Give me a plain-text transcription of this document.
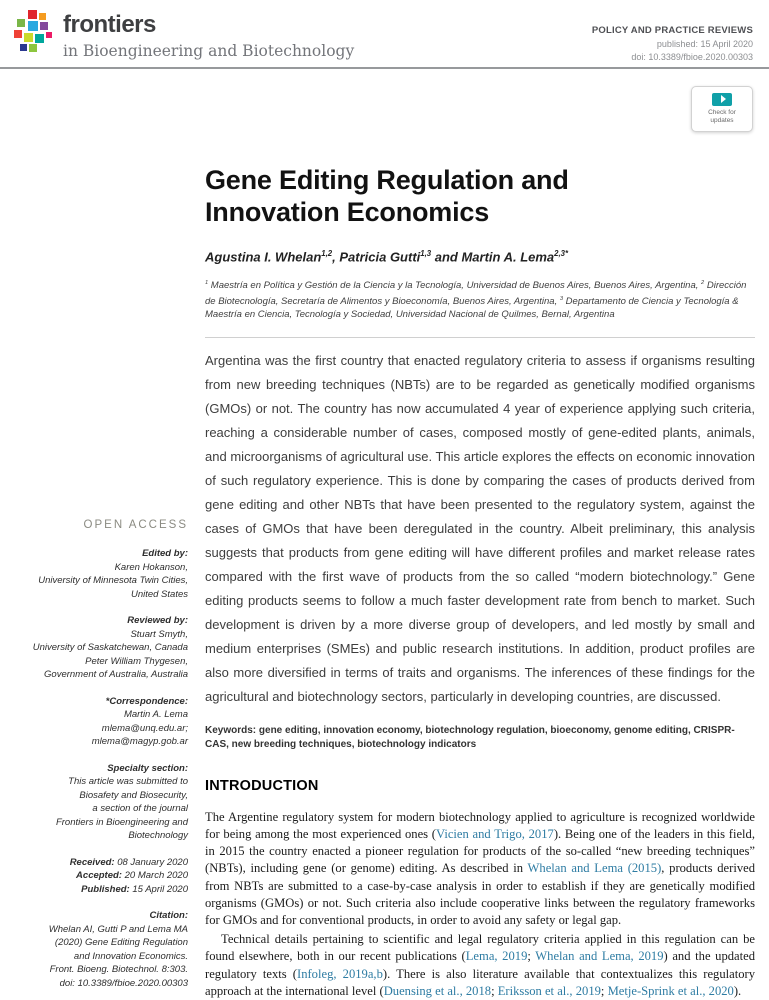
frontiers
in Bioengineering and Biotechnology
POLICY AND PRACTICE REVIEWS
published: 15 April 2020
doi: 10.3389/fbioe.2020.00303
Check for
updates
OPEN ACCESS
Edited by:
Karen Hokanson,
University of Minnesota Twin Cities,
United States
Reviewed by:
Stuart Smyth,
University of Saskatchewan, Canada
Peter William Thygesen,
Government of Australia, Australia
*Correspondence:
Martin A. Lema
mlema@unq.edu.ar;
mlema@magyp.gob.ar
Specialty section:
This article was submitted to
Biosafety and Biosecurity,
a section of the journal
Frontiers in Bioengineering and
Biotechnology
Received: 08 January 2020
Accepted: 20 March 2020
Published: 15 April 2020
Citation:
Whelan AI, Gutti P and Lema MA
(2020) Gene Editing Regulation
and Innovation Economics.
Front. Bioeng. Biotechnol. 8:303.
doi: 10.3389/fbioe.2020.00303
Gene Editing Regulation and Innovation Economics
Agustina I. Whelan$^{1,2}$, Patricia Gutti$^{1,3}$ and Martin A. Lema$^{2,3*}$
$^1$ Maestría en Política y Gestión de la Ciencia y la Tecnología, Universidad de Buenos Aires, Buenos Aires, Argentina, $^2$ Dirección de Biotecnología, Secretaría de Alimentos y Bioeconomía, Buenos Aires, Argentina, $^3$ Departamento de Ciencia y Tecnología & Maestría en Ciencia, Tecnología y Sociedad, Universidad Nacional de Quilmes, Bernal, Argentina
Argentina was the first country that enacted regulatory criteria to assess if organisms resulting from new breeding techniques (NBTs) are to be regarded as genetically modified organisms (GMOs) or not. The country has now accumulated 4 year of experience applying such criteria, reaching a considerable number of cases, composed mostly of gene-edited plants, animals, and microorganisms of agricultural use. This article explores the effects on economic innovation of such regulatory experience. This is done by comparing the cases of products derived from gene editing and other NBTs that have been presented to the regulatory system, against the cases of GMOs that have been deregulated in the country. Albeit preliminary, this analysis suggests that products from gene editing will have different profiles and market release rates compared with the first wave of products from the so called “modern biotechnology.” Gene editing products seems to follow a much faster development rate from bench to market. Such development is driven by a more diverse group of developers, and led mostly by small and medium enterprises (SMEs) and public research institutions. In addition, product profiles are also more diversified in terms of traits and organisms. The inferences of these findings for the agricultural and biotechnology sectors, particularly in developing countries, are discussed.
Keywords: gene editing, innovation economy, biotechnology regulation, bioeconomy, genome editing, CRISPR-CAS, new breeding techniques, biotechnology indicators
INTRODUCTION

The Argentine regulatory system for modern biotechnology applied to agriculture is recognized worldwide for being among the most experienced ones (Vicien and Trigo, 2017). Being one of the leaders in this field, in 2015 the country enacted a pioneer regulation for products of the so-called “new breeding techniques” (NBTs), including gene (or genome) editing. As described in Whelan and Lema (2015), products derived from NBTs are submitted to a case-by-case analysis in order to establish if they are genetically modified organisms (GMOs) or not. Such criteria also include cooperative links between the regulatory frameworks for GMOs and for conventional products, in order to avoid any safety or legal gap.

Technical details pertaining to scientific and legal regulatory criteria applied in this regulation can be found elsewhere, both in our recent publications (Lema, 2019; Whelan and Lema, 2019) and the updated regulatory texts (Infoleg, 2019a,b). There is also literature available that contextualizes this regulatory approach at the international level (Duensing et al., 2018; Eriksson et al., 2019; Metje-Sprink et al., 2020).
